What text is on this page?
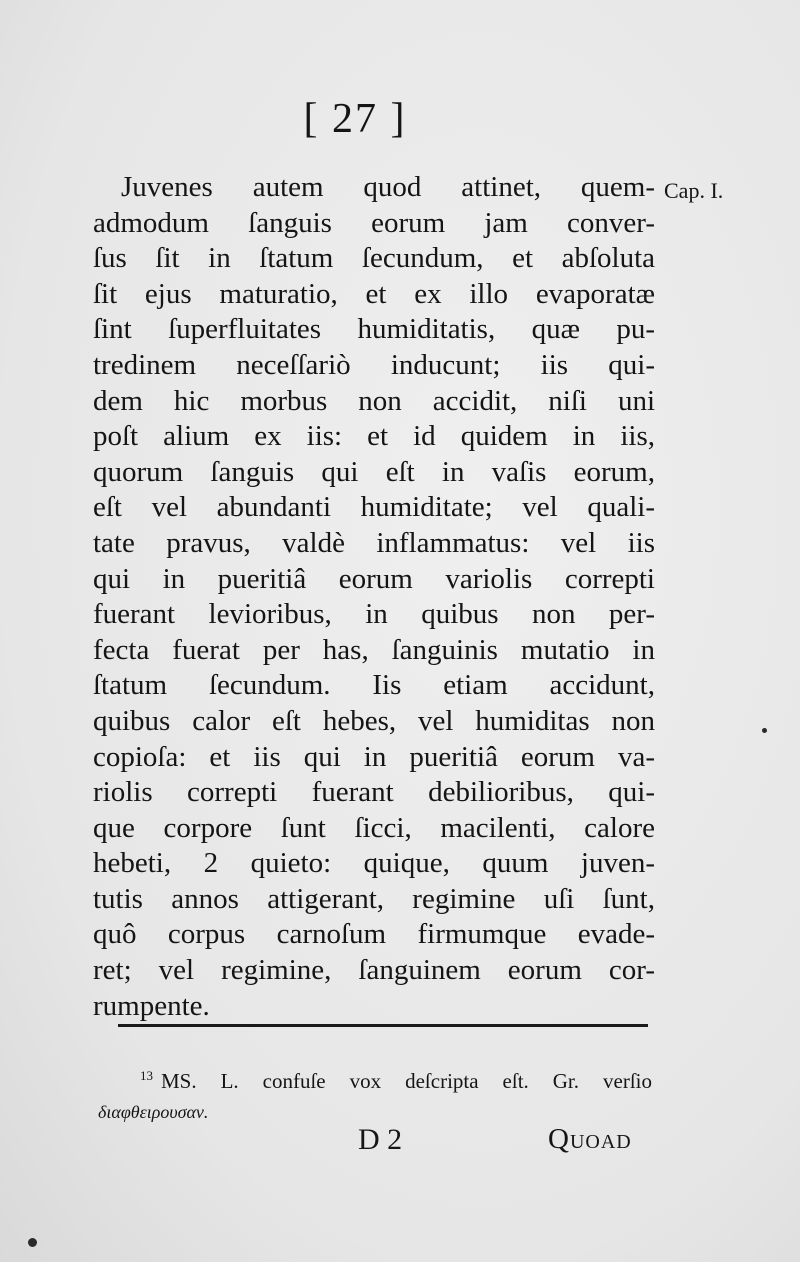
[ 27 ]
Cap. I.
Juvenes autem quod attinet, quem-
admodum ſanguis eorum jam conver-
ſus ſit in ſtatum ſecundum, et abſoluta
ſit ejus maturatio, et ex illo evaporatæ
ſint ſuperfluitates humiditatis, quæ pu-
tredinem neceſſariò inducunt; iis qui-
dem hic morbus non accidit, niſi uni
poſt alium ex iis: et id quidem in iis,
quorum ſanguis qui eſt in vaſis eorum,
eſt vel abundanti humiditate; vel quali-
tate pravus, valdè inflammatus: vel iis
qui in pueritiâ eorum variolis correpti
fuerant levioribus, in quibus non per-
fecta fuerat per has, ſanguinis mutatio in
ſtatum ſecundum. Iis etiam accidunt,
quibus calor eſt hebes, vel humiditas non
copioſa: et iis qui in pueritiâ eorum va-
riolis correpti fuerant debilioribus, qui-
que corpore ſunt ſicci, macilenti, calore
hebeti, 2 quieto: quique, quum juven-
tutis annos attigerant, regimine uſi ſunt,
quô corpus carnoſum firmumque evade-
ret; vel regimine, ſanguinem eorum cor-
rumpente.
$^{13}$ MS. L. confuſe vox deſcripta eſt. Gr. verſio
διαφθειρουσαν.
D 2	Quoad
